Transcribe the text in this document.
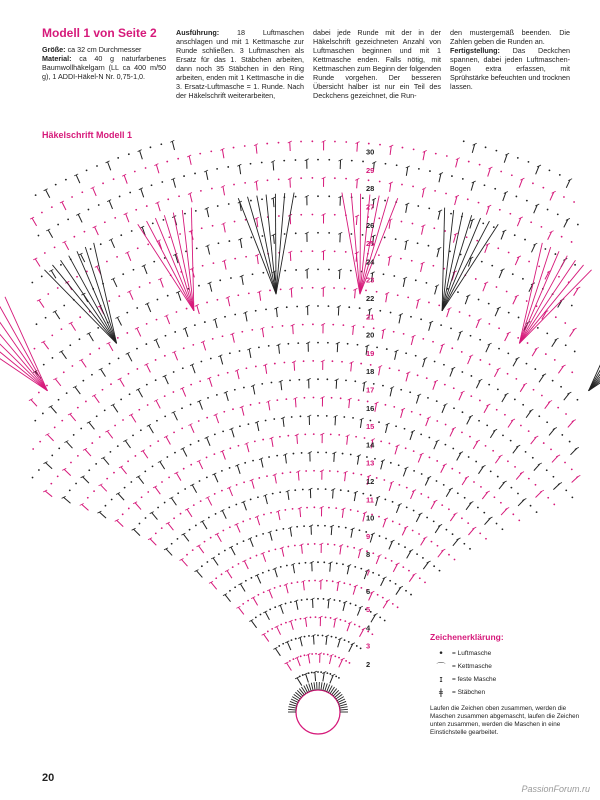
Modell 1 von Seite 2
Größe: ca 32 cm Durchmesser
Material: ca 40 g naturfarbenes Baumwollhäkelgarn (LL ca 400 m/50 g), 1 ADDI-Häkel-N Nr. 0,75-1,0.
Ausführung: 18 Luftmaschen anschlagen und mit 1 Kettmasche zur Runde schließen. 3 Luftmaschen als Ersatz für das 1. Stäbchen arbeiten, dann noch 35 Stäbchen in den Ring arbeiten, enden mit 1 Kettmasche in die 3. Ersatz-Luftmasche = 1. Runde. Nach der Häkelschrift weiterarbeiten,
dabei jede Runde mit der in der Häkelschrift gezeichneten Anzahl von Luftmaschen beginnen und mit 1 Kettmasche enden. Falls nötig, mit Kettmaschen zum Beginn der folgenden Runde vorgehen. Der besseren Übersicht halber ist nur ein Teil des Deckchens gezeichnet, die Run-
den mustergemäß beenden. Die Zahlen geben die Runden an.
Fertigstellung: Das Deckchen spannen, dabei jeden Luftmaschen-Bogen extra erfassen, mit Sprühstärke befeuchten und trocknen lassen.
Häkelschrift Modell 1
30
29
28
27
26
25
24
23
22
21
20
19
18
17
16
15
14
13
12
11
10
9
8
7
6
5
4
3
2
Zeichenerklärung:
•	= Luftmasche
⌒	= Kettmasche
ɪ	= feste Masche
ǂ	= Stäbchen
Laufen die Zeichen oben zusammen, werden die Maschen zusammen abgemascht, laufen die Zeichen unten zusammen, werden die Maschen in eine Einstichstelle gearbeitet.
20
PassionForum.ru
